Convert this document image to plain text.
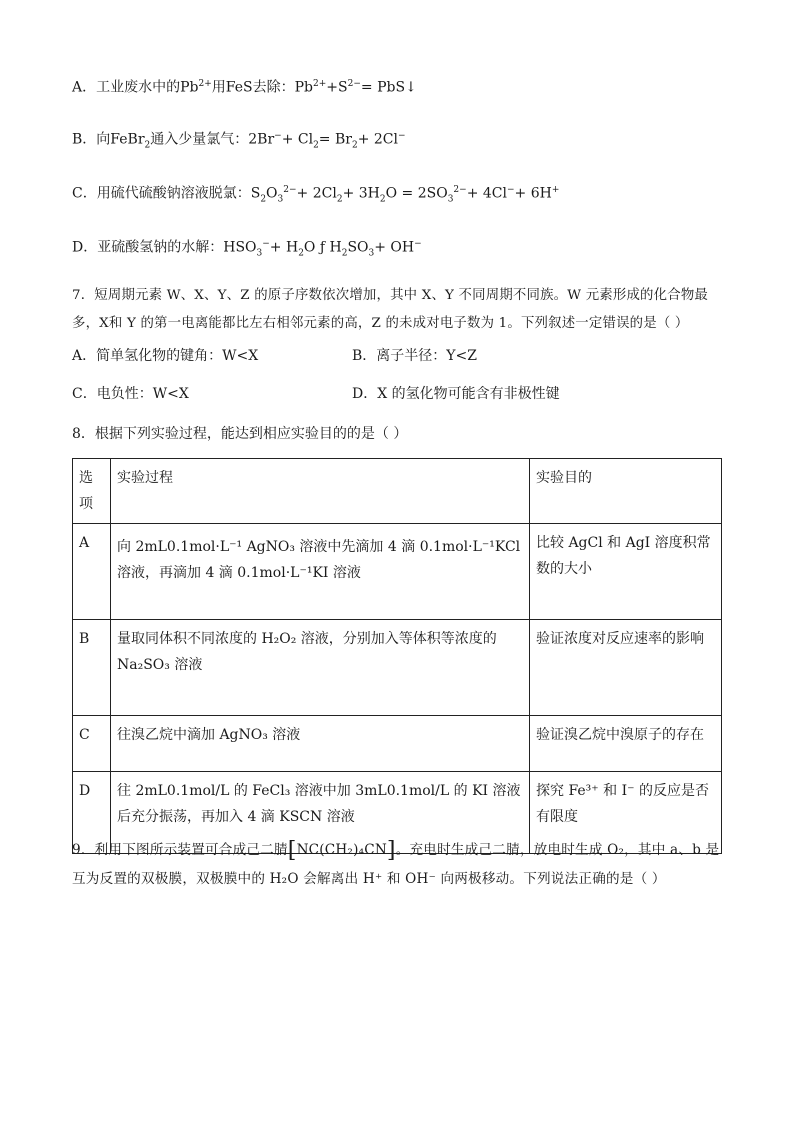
A．工业废水中的$Pb^{2+}$用FeS去除：$Pb^{2+}+S^{2-}=$ PbS↓
B．向FeBr$_2$通入少量氯气：$2Br^-+ Cl_2= Br_2+ 2Cl^-$
C．用硫代硫酸钠溶液脱氯：$S_2O_3^{2-}+ 2Cl_2+ 3H_2O = 2SO_3^{2-}+ 4Cl^-+ 6H^+$
D．亚硫酸氢钠的水解：$HSO_3^-+ H_2O$ ƒ $H_2SO_3+ OH^-$
7．短周期元素 W、X、Y、Z 的原子序数依次增加，其中 X、Y 不同周期不同族。W 元素形成的化合物最
多，X和 Y 的第一电离能都比左右相邻元素的高，Z 的未成对电子数为 1。下列叙述一定错误的是（ ）
A．简单氢化物的键角：W<X	B．离子半径：Y<Z
C．电负性：W<X	D．X 的氢化物可能含有非极性键
8．根据下列实验过程，能达到相应实验目的的是（ ）
选项	实验过程	实验目的
A	向 2mL0.1mol·L⁻¹ AgNO₃ 溶液中先滴加 4 滴 0.1mol·L⁻¹KCl 溶液，再滴加 4 滴 0.1mol·L⁻¹KI 溶液	比较 AgCl 和 AgI 溶度积常数的大小
B	量取同体积不同浓度的 H₂O₂ 溶液，分别加入等体积等浓度的 Na₂SO₃ 溶液	验证浓度对反应速率的影响
C	往溴乙烷中滴加 AgNO₃ 溶液	验证溴乙烷中溴原子的存在
D	往 2mL0.1mol/L 的 FeCl₃ 溶液中加 3mL0.1mol/L 的 KI 溶液后充分振荡，再加入 4 滴 KSCN 溶液	探究 Fe³⁺ 和 I⁻ 的反应是否有限度
9．利用下图所示装置可合成己二腈[NC(CH₂)₄CN]。充电时生成己二腈，放电时生成 O₂，其中 a、b 是
互为反置的双极膜，双极膜中的 H₂O 会解离出 H⁺ 和 OH⁻ 向两极移动。下列说法正确的是（ ）
